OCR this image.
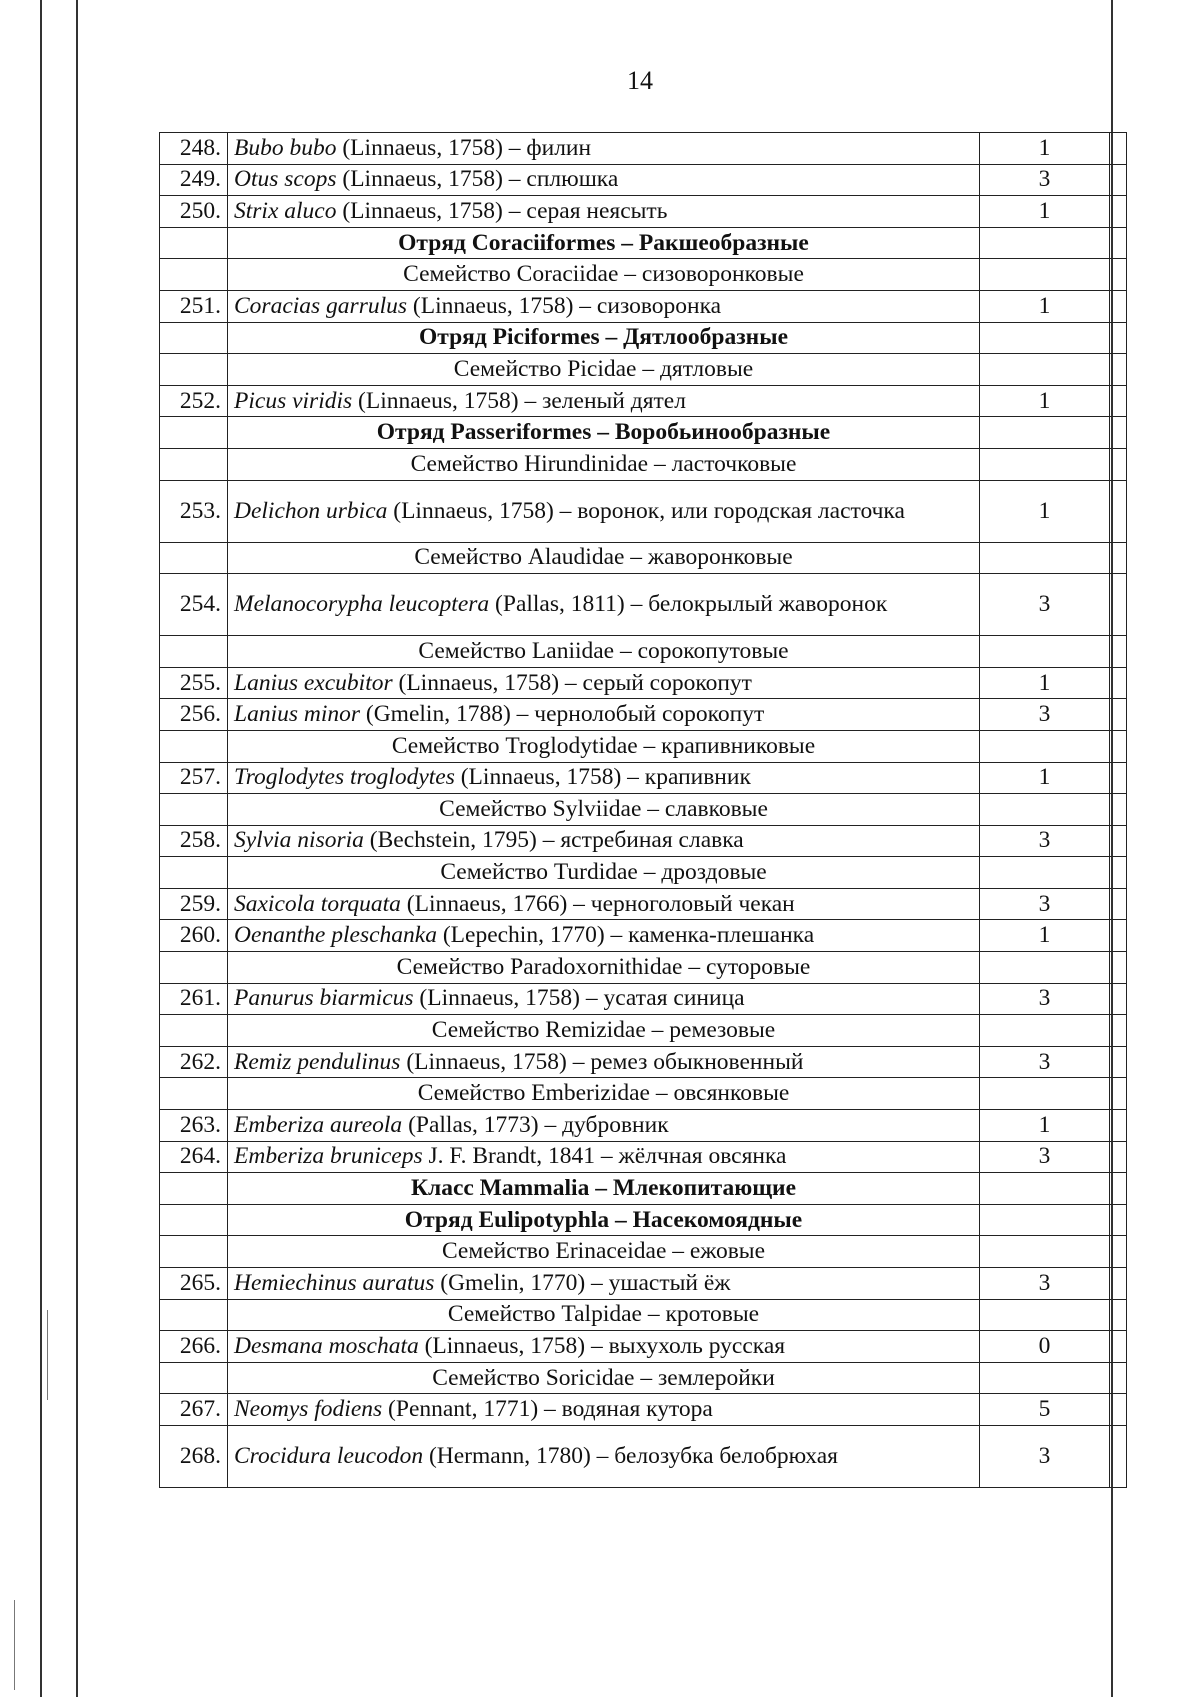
14
248.	Bubo bubo (Linnaeus, 1758) – филин	1	
249.	Otus scops (Linnaeus, 1758) – сплюшка	3	
250.	Strix aluco (Linnaeus, 1758) – серая неясыть	1	
	Отряд Coraciiformes – Ракшеобразные		
	Семейство Coraciidae – сизоворонковые		
251.	Coracias garrulus (Linnaeus, 1758) – сизоворонка	1	
	Отряд Piciformes – Дятлообразные		
	Семейство Picidae – дятловые		
252.	Picus viridis (Linnaeus, 1758) – зеленый дятел	1	
	Отряд Passeriformes – Воробьинообразные		
	Семейство Hirundinidae – ласточковые		
253.	Delichon urbica (Linnaeus, 1758) – воронок, или городская ласточка	1	
	Семейство Alaudidae – жаворонковые		
254.	Melanocorypha leucoptera (Pallas, 1811) – белокрылый жаворонок	3	
	Семейство Laniidae – сорокопутовые		
255.	Lanius excubitor (Linnaeus, 1758) – серый сорокопут	1	
256.	Lanius minor (Gmelin, 1788) – чернолобый сорокопут	3	
	Семейство Troglodytidae – крапивниковые		
257.	Troglodytes troglodytes (Linnaeus, 1758) – крапивник	1	
	Семейство Sylviidae – славковые		
258.	Sylvia nisoria (Bechstein, 1795) – ястребиная славка	3	
	Семейство Turdidae – дроздовые		
259.	Saxicola torquata (Linnaeus, 1766) – черноголовый чекан	3	
260.	Oenanthe pleschanka (Lepechin, 1770) – каменка-плешанка	1	
	Семейство Paradoxornithidae – суторовые		
261.	Panurus biarmicus (Linnaeus, 1758) – усатая синица	3	
	Семейство Remizidae – ремезовые		
262.	Remiz pendulinus (Linnaeus, 1758) – ремез обыкновенный	3	
	Семейство Emberizidae – овсянковые		
263.	Emberiza aureola (Pallas, 1773) – дубровник	1	
264.	Emberiza bruniceps J. F. Brandt, 1841 – жёлчная овсянка	3	
	Класс Mammalia – Млекопитающие		
	Отряд Eulipotyphla – Насекомоядные		
	Семейство Erinaceidae – ежовые		
265.	Hemiechinus auratus (Gmelin, 1770) – ушастый ёж	3	
	Семейство Talpidae – кротовые		
266.	Desmana moschata (Linnaeus, 1758) – выхухоль русская	0	
	Семейство Soricidae – землеройки		
267.	Neomys fodiens (Pennant, 1771) – водяная кутора	5	
268.	Crocidura leucodon (Hermann, 1780) – белозубка белобрюхая	3	
